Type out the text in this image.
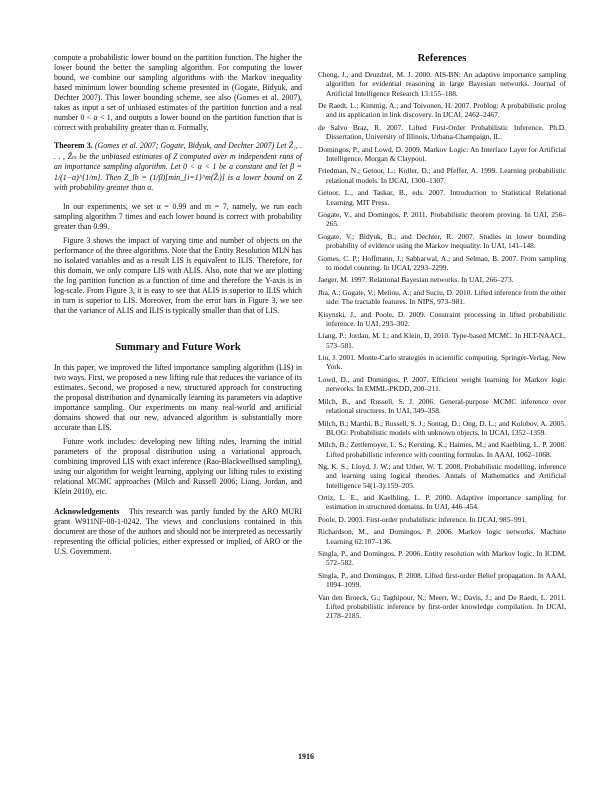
compute a probabilistic lower bound on the partition function. The higher the lower bound the better the sampling algorithm. For computing the lower bound, we combine our sampling algorithms with the Markov inequality based minimum lower bounding scheme presented in (Gogate, Bidyuk, and Dechter 2007). This lower bounding scheme, see also (Gomes et al. 2007), takes as input a set of unbiased estimates of the partition function and a real number 0 < α < 1, and outputs a lower bound on the partition function that is correct with probability greater than α. Formally,

Theorem 3. (Gomes et al. 2007; Gogate, Bidyuk, and Dechter 2007) Let Ẑ₁, . . . , Ẑₘ be the unbiased estimates of Z computed over m independent runs of an importance sampling algorithm. Let 0 < α < 1 be a constant and let β = 1/(1−α)^{1/m}. Then Z_lb = (1/β)[min_{i=1}^m(Ẑᵢ)] is a lower bound on Z with probability greater than α.

In our experiments, we set α = 0.99 and m = 7, namely, we run each sampling algorithm 7 times and each lower bound is correct with probability greater than 0.99.

Figure 3 shows the impact of varying time and number of objects on the performance of the three algorithms. Note that the Entity Resolution MLN has no isolated variables and as a result LIS is equivalent to ILIS. Therefore, for this domain, we only compare LIS with ALIS. Also, note that we are plotting the log partition function as a function of time and therefore the Y-axis is in log-scale. From Figure 3, it is easy to see that ALIS is superior to ILIS which in turn is superior to LIS. Moreover, from the error bars in Figure 3, we see that the variance of ALIS and ILIS is typically smaller than that of LIS.

Summary and Future Work

In this paper, we improved the lifted importance sampling algorithm (LIS) in two ways. First, we proposed a new lifting rule that reduces the variance of its estimates. Second, we proposed a new, structured approach for constructing the proposal distribution and dynamically learning its parameters via adaptive importance sampling. Our experiments on many real-world and artificial domains showed that our new, advanced algorithm is substantially more accurate than LIS.

Future work includes: developing new lifting rules, learning the initial parameters of the proposal distribution using a variational approach, combining improved LIS with exact inference (Rao-Blackwellised sampling), using our algorithm for weight learning, applying our lifting rules to existing relational MCMC approaches (Milch and Russell 2006; Liang, Jordan, and Klein 2010), etc.

Acknowledgements This research was partly funded by the ARO MURI grant W911NF-08-1-0242. The views and conclusions contained in this document are those of the authors and should not be interpreted as necessarily representing the official policies, either expressed or implied, of ARO or the U.S. Government.

References

Cheng, J., and Druzdzel, M. J. 2000. AIS-BN: An adaptive importance sampling algorithm for evidential reasoning in large Bayesian networks. Journal of Artificial Intelligence Research 13:155–188.

De Raedt, L.; Kimmig, A.; and Toivonen, H. 2007. Problog: A probabilistic prolog and its application in link discovery. In IJCAI, 2462–2467.

de Salvo Braz, R. 2007. Lifted First-Order Probabilistic Inference. Ph.D. Dissertation, University of Illinois, Urbana-Champaign, IL.

Domingos, P., and Lowd, D. 2009. Markov Logic: An Interface Layer for Artificial Intelligence. Morgan & Claypool.

Friedman, N.; Getoor, L.; Koller, D.; and Pfeffer, A. 1999. Learning probabilistic relational models. In IJCAI, 1300–1307.

Getoor, L., and Taskar, B., eds. 2007. Introduction to Statistical Relational Learning. MIT Press.

Gogate, V., and Domingos, P. 2011. Probabilistic theorem proving. In UAI, 256–265.

Gogate, V.; Bidyuk, B.; and Dechter, R. 2007. Studies in lower bounding probability of evidence using the Markov inequality. In UAI, 141–148.

Gomes, C. P.; Hoffmann, J.; Sabharwal, A.; and Selman, B. 2007. From sampling to model counting. In IJCAI, 2293–2299.

Jaeger, M. 1997. Relational Bayesian networks. In UAI, 266–273.

Jha, A.; Gogate, V.; Meliou, A.; and Suciu, D. 2010. Lifted inference from the other side: The tractable features. In NIPS, 973–981.

Kisynski, J., and Poole, D. 2009. Constraint processing in lifted probabilistic inference. In UAI, 293–302.

Liang, P.; Jordan, M. I.; and Klein, D. 2010. Type-based MCMC. In HLT-NAACL, 573–581.

Liu, J. 2001. Monte-Carlo strategies in scientific computing. Springer-Verlag, New York.

Lowd, D., and Domingos, P. 2007. Efficient weight learning for Markov logic networks. In EMML-PKDD, 200–211.

Milch, B., and Russell, S. J. 2006. General-purpose MCMC inference over relational structures. In UAI, 349–358.

Milch, B.; Marthi, B.; Russell, S. J.; Sontag, D.; Ong, D. L.; and Kolobov, A. 2005. BLOG: Probabilistic models with unknown objects. In IJCAI, 1352–1359.

Milch, B.; Zettlemoyer, L. S.; Kersting, K.; Haimes, M.; and Kaelbling, L. P. 2008. Lifted probabilistic inference with counting formulas. In AAAI, 1062–1068.

Ng, K. S.; Lloyd, J. W.; and Uther, W. T. 2008. Probabilistic modelling, inference and learning using logical theories. Annals of Mathematics and Artificial Intelligence 54(1-3):159–205.

Ortiz, L. E., and Kaelbling, L. P. 2000. Adaptive importance sampling for estimation in structured domains. In UAI, 446–454.

Poole, D. 2003. First-order probabilistic inference. In IJCAI, 985–991.

Richardson, M., and Domingos, P. 2006. Markov logic networks. Machine Learning 62:107–136.

Singla, P., and Domingos, P. 2006. Entity resolution with Markov logic. In ICDM, 572–582.

Singla, P., and Domingos, P. 2008. Lifted first-order Belief propagation. In AAAI, 1094–1099.

Van den Broeck, G.; Taghipour, N.; Meert, W.; Davis, J.; and De Raedt, L. 2011. Lifted probabilistic inference by first-order knowledge compilation. In IJCAI, 2178–2185.

1916
